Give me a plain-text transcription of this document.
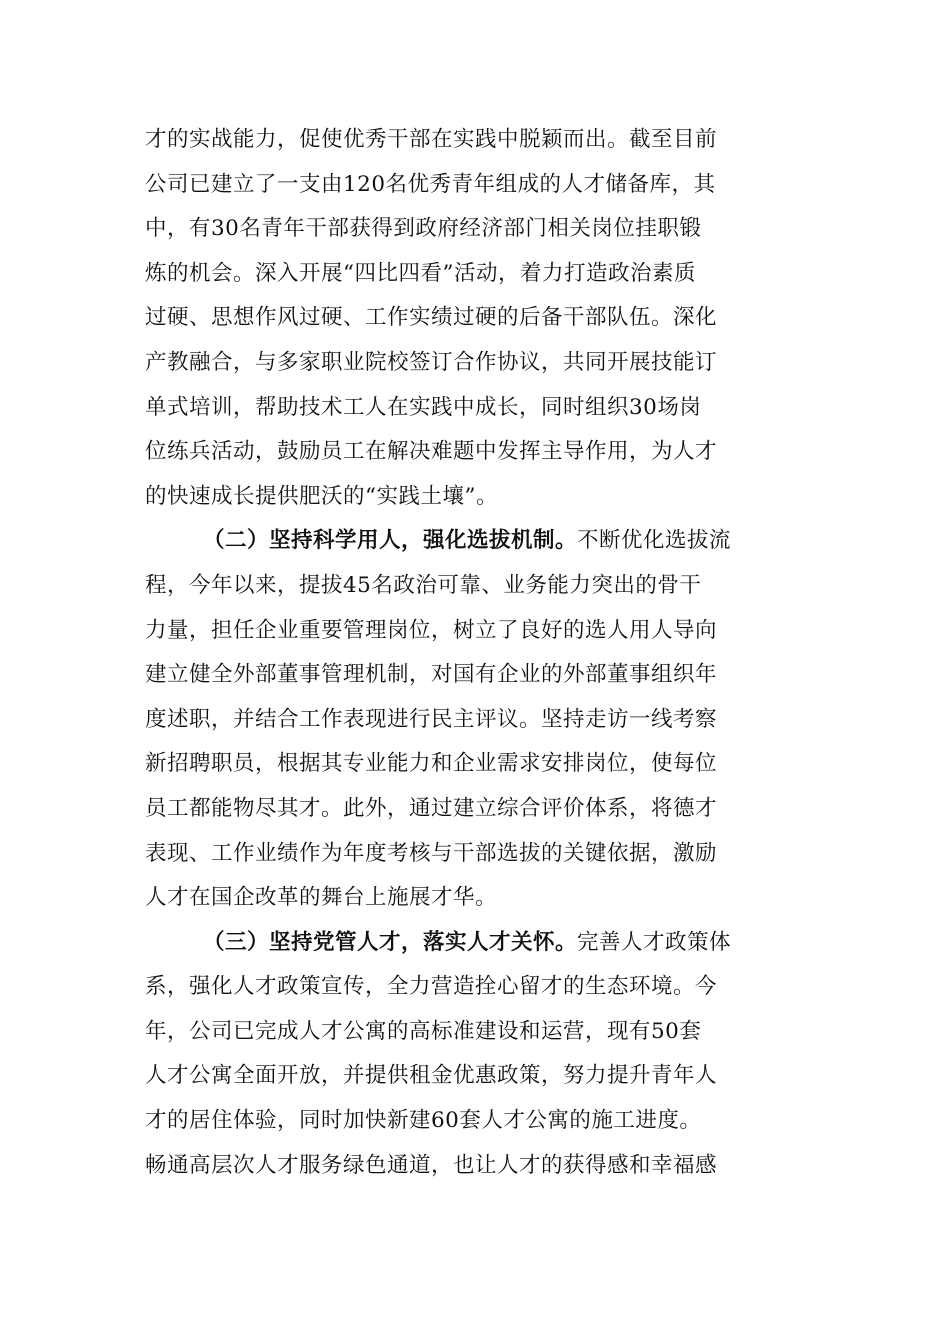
才的实战能力，促使优秀干部在实践中脱颖而出。截至目前
公司已建立了一支由120名优秀青年组成的人才储备库，其
中，有30名青年干部获得到政府经济部门相关岗位挂职锻
炼的机会。深入开展“四比四看”活动，着力打造政治素质
过硬、思想作风过硬、工作实绩过硬的后备干部队伍。深化
产教融合，与多家职业院校签订合作协议，共同开展技能订
单式培训，帮助技术工人在实践中成长，同时组织30场岗
位练兵活动，鼓励员工在解决难题中发挥主导作用，为人才
的快速成长提供肥沃的“实践土壤”。
（二）坚持科学用人，强化选拔机制。不断优化选拔流
程，今年以来，提拔45名政治可靠、业务能力突出的骨干
力量，担任企业重要管理岗位，树立了良好的选人用人导向
建立健全外部董事管理机制，对国有企业的外部董事组织年
度述职，并结合工作表现进行民主评议。坚持走访一线考察
新招聘职员，根据其专业能力和企业需求安排岗位，使每位
员工都能物尽其才。此外，通过建立综合评价体系，将德才
表现、工作业绩作为年度考核与干部选拔的关键依据，激励
人才在国企改革的舞台上施展才华。
（三）坚持党管人才，落实人才关怀。完善人才政策体
系，强化人才政策宣传，全力营造拴心留才的生态环境。今
年，公司已完成人才公寓的高标准建设和运营，现有50套
人才公寓全面开放，并提供租金优惠政策，努力提升青年人
才的居住体验，同时加快新建60套人才公寓的施工进度。
畅通高层次人才服务绿色通道，也让人才的获得感和幸福感
